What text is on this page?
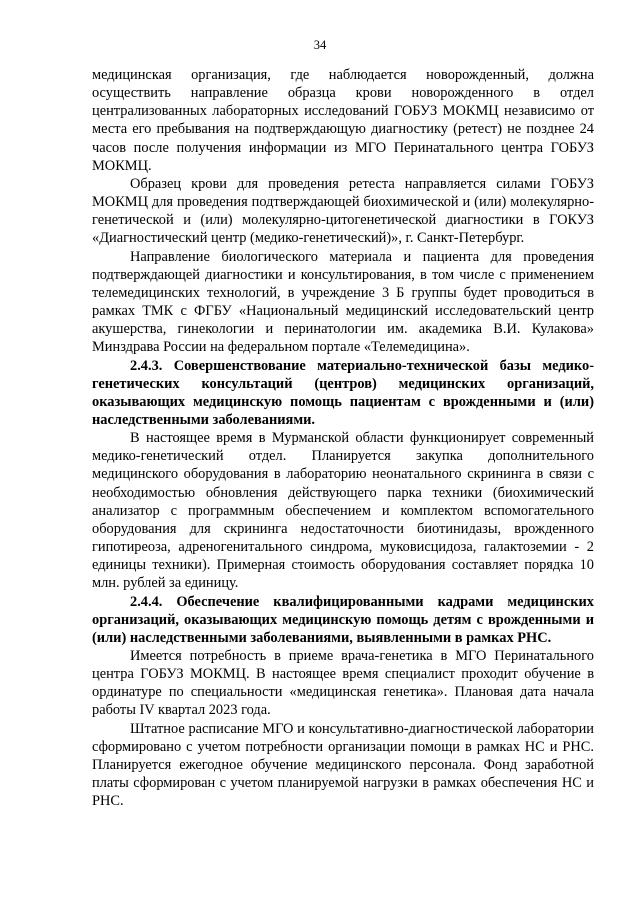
34

медицинская организация, где наблюдается новорожденный, должна осуществить направление образца крови новорожденного в отдел централизованных лабораторных исследований ГОБУЗ МОКМЦ независимо от места его пребывания на подтверждающую диагностику (ретест) не позднее 24 часов после получения информации из МГО Перинатального центра ГОБУЗ МОКМЦ.

Образец крови для проведения ретеста направляется силами ГОБУЗ МОКМЦ для проведения подтверждающей биохимической и (или) молекулярно-генетической и (или) молекулярно-цитогенетической диагностики в ГОКУЗ «Диагностический центр (медико-генетический)», г. Санкт-Петербург.

Направление биологического материала и пациента для проведения подтверждающей диагностики и консультирования, в том числе с применением телемедицинских технологий, в учреждение 3 Б группы будет проводиться в рамках ТМК с ФГБУ «Национальный медицинский исследовательский центр акушерства, гинекологии и перинатологии им. академика В.И. Кулакова» Минздрава России на федеральном портале «Телемедицина».

2.4.3. Совершенствование материально-технической базы медико-генетических консультаций (центров) медицинских организаций, оказывающих медицинскую помощь пациентам с врожденными и (или) наследственными заболеваниями.

В настоящее время в Мурманской области функционирует современный медико-генетический отдел. Планируется закупка дополнительного медицинского оборудования в лабораторию неонатального скрининга в связи с необходимостью обновления действующего парка техники (биохимический анализатор с программным обеспечением и комплектом вспомогательного оборудования для скрининга недостаточности биотинидазы, врожденного гипотиреоза, адреногенитального синдрома, муковисцидоза, галактоземии - 2 единицы техники). Примерная стоимость оборудования составляет порядка 10 млн. рублей за единицу.

2.4.4. Обеспечение квалифицированными кадрами медицинских организаций, оказывающих медицинскую помощь детям с врожденными и (или) наследственными заболеваниями, выявленными в рамках РНС.

Имеется потребность в приеме врача-генетика в МГО Перинатального центра ГОБУЗ МОКМЦ. В настоящее время специалист проходит обучение в ординатуре по специальности «медицинская генетика». Плановая дата начала работы IV квартал 2023 года.

Штатное расписание МГО и консультативно-диагностической лаборатории сформировано с учетом потребности организации помощи в рамках НС и РНС. Планируется ежегодное обучение медицинского персонала. Фонд заработной платы сформирован с учетом планируемой нагрузки в рамках обеспечения НС и РНС.
